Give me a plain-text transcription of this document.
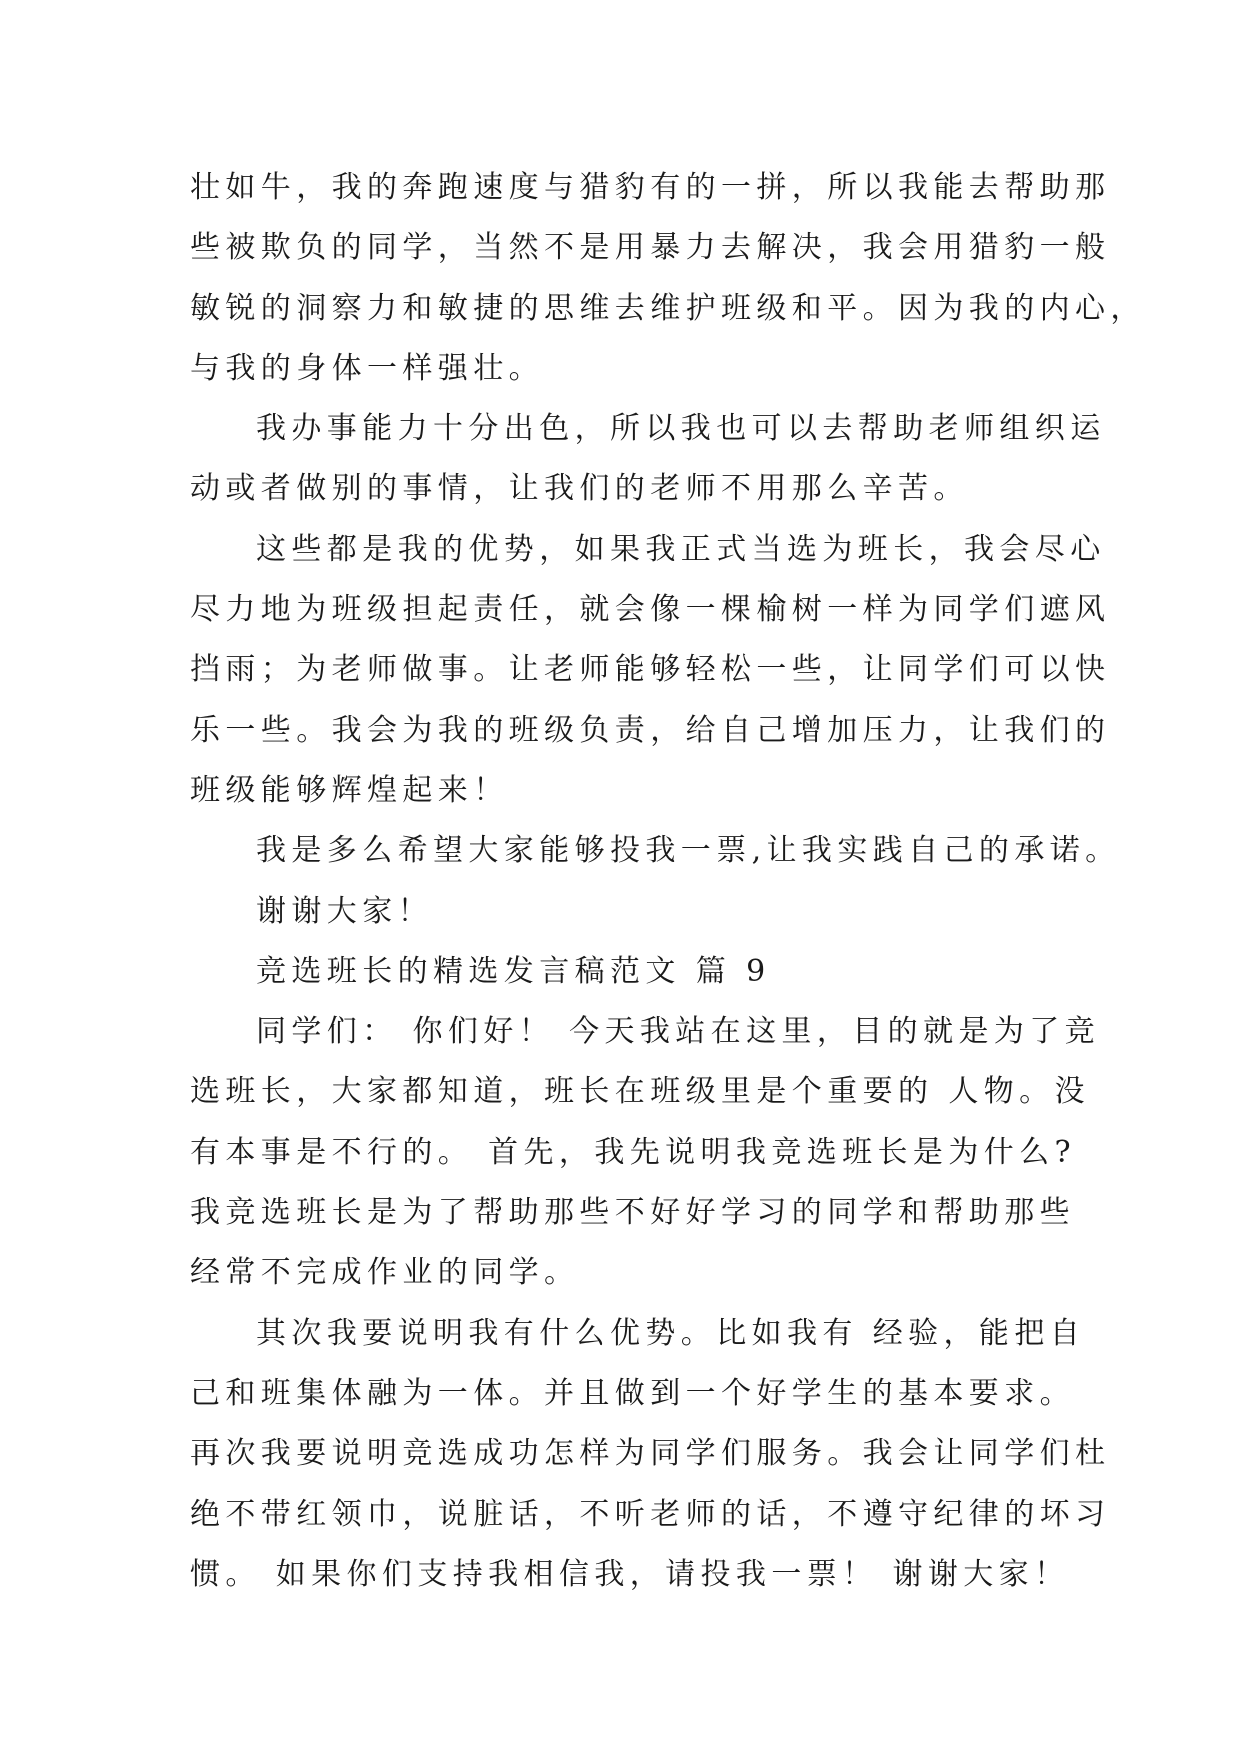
壮如牛，我的奔跑速度与猎豹有的一拼，所以我能去帮助那
些被欺负的同学，当然不是用暴力去解决，我会用猎豹一般
敏锐的洞察力和敏捷的思维去维护班级和平。因为我的内心，
与我的身体一样强壮。
我办事能力十分出色，所以我也可以去帮助老师组织运
动或者做别的事情，让我们的老师不用那么辛苦。
这些都是我的优势，如果我正式当选为班长，我会尽心
尽力地为班级担起责任，就会像一棵榆树一样为同学们遮风
挡雨；为老师做事。让老师能够轻松一些，让同学们可以快
乐一些。我会为我的班级负责，给自己增加压力，让我们的
班级能够辉煌起来！
我是多么希望大家能够投我一票,让我实践自己的承诺。
谢谢大家！
竞选班长的精选发言稿范文 篇 9
同学们： 你们好！ 今天我站在这里，目的就是为了竞
选班长，大家都知道，班长在班级里是个重要的 人物。没
有本事是不行的。 首先，我先说明我竞选班长是为什么?
我竞选班长是为了帮助那些不好好学习的同学和帮助那些
经常不完成作业的同学。
其次我要说明我有什么优势。比如我有 经验，能把自
己和班集体融为一体。并且做到一个好学生的基本要求。
再次我要说明竞选成功怎样为同学们服务。我会让同学们杜
绝不带红领巾，说脏话，不听老师的话，不遵守纪律的坏习
惯。 如果你们支持我相信我，请投我一票！ 谢谢大家！
